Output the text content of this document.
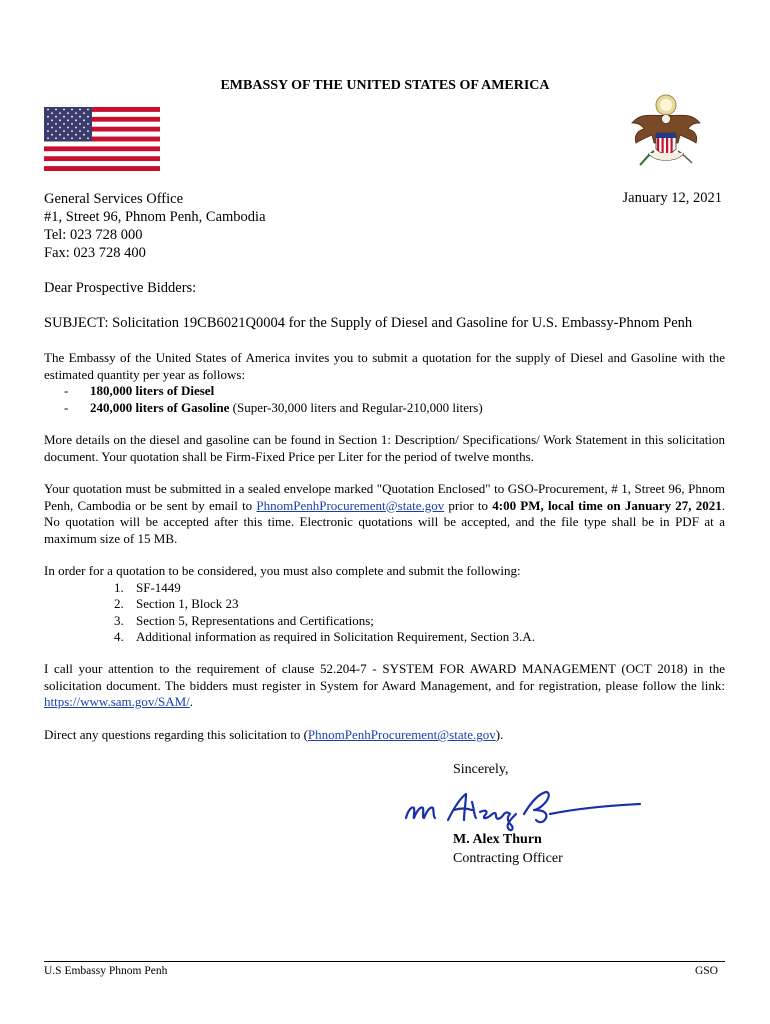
EMBASSY OF THE UNITED STATES OF AMERICA
General Services Office
#1, Street 96, Phnom Penh, Cambodia
Tel: 023 728 000
Fax: 023 728 400
January 12, 2021
Dear Prospective Bidders:
SUBJECT: Solicitation 19CB6021Q0004 for the Supply of Diesel and Gasoline for U.S. Embassy-Phnom Penh
The Embassy of the United States of America invites you to submit a quotation for the supply of Diesel and Gasoline with the estimated quantity per year as follows:
- 180,000 liters of Diesel
- 240,000 liters of Gasoline (Super-30,000 liters and Regular-210,000 liters)
More details on the diesel and gasoline can be found in Section 1: Description/ Specifications/ Work Statement in this solicitation document. Your quotation shall be Firm-Fixed Price per Liter for the period of twelve months.
Your quotation must be submitted in a sealed envelope marked "Quotation Enclosed" to GSO-Procurement, # 1, Street 96, Phnom Penh, Cambodia or be sent by email to PhnomPenhProcurement@state.gov prior to 4:00 PM, local time on January 27, 2021. No quotation will be accepted after this time. Electronic quotations will be accepted, and the file type shall be in PDF at a maximum size of 15 MB.
In order for a quotation to be considered, you must also complete and submit the following:
1. SF-1449
2. Section 1, Block 23
3. Section 5, Representations and Certifications;
4. Additional information as required in Solicitation Requirement, Section 3.A.
I call your attention to the requirement of clause 52.204-7 - SYSTEM FOR AWARD MANAGEMENT (OCT 2018) in the solicitation document. The bidders must register in System for Award Management, and for registration, please follow the link: https://www.sam.gov/SAM/.
Direct any questions regarding this solicitation to (PhnomPenhProcurement@state.gov).
Sincerely,
M. Alex Thurn
Contracting Officer
U.S Embassy Phnom Penh	GSO
